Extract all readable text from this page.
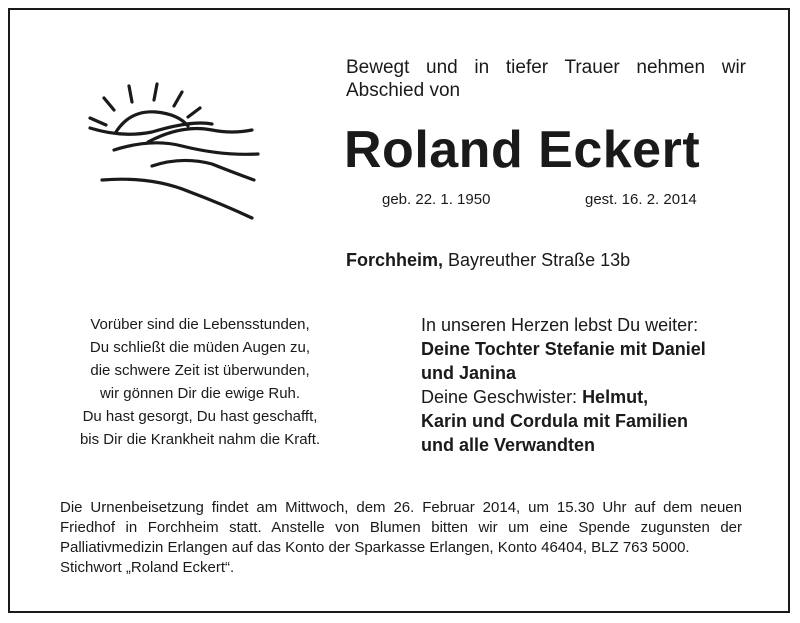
Bewegt und in tiefer Trauer nehmen wir Abschied von
Roland Eckert
geb. 22. 1. 1950	gest. 16. 2. 2014
Forchheim, Bayreuther Straße 13b
Vorüber sind die Lebensstunden,
Du schließt die müden Augen zu,
die schwere Zeit ist überwunden,
wir gönnen Dir die ewige Ruh.
Du hast gesorgt, Du hast geschafft,
bis Dir die Krankheit nahm die Kraft.
In unseren Herzen lebst Du weiter:
Deine Tochter Stefanie mit Daniel
und Janina
Deine Geschwister: Helmut,
Karin und Cordula mit Familien
und alle Verwandten
Die Urnenbeisetzung findet am Mittwoch, dem 26. Februar 2014, um 15.30 Uhr auf dem neuen Friedhof in Forchheim statt. Anstelle von Blumen bitten wir um eine Spende zugunsten der Palliativmedizin Erlangen auf das Konto der Sparkasse Erlangen, Konto 46404, BLZ 763 5000.
Stichwort „Roland Eckert“.
